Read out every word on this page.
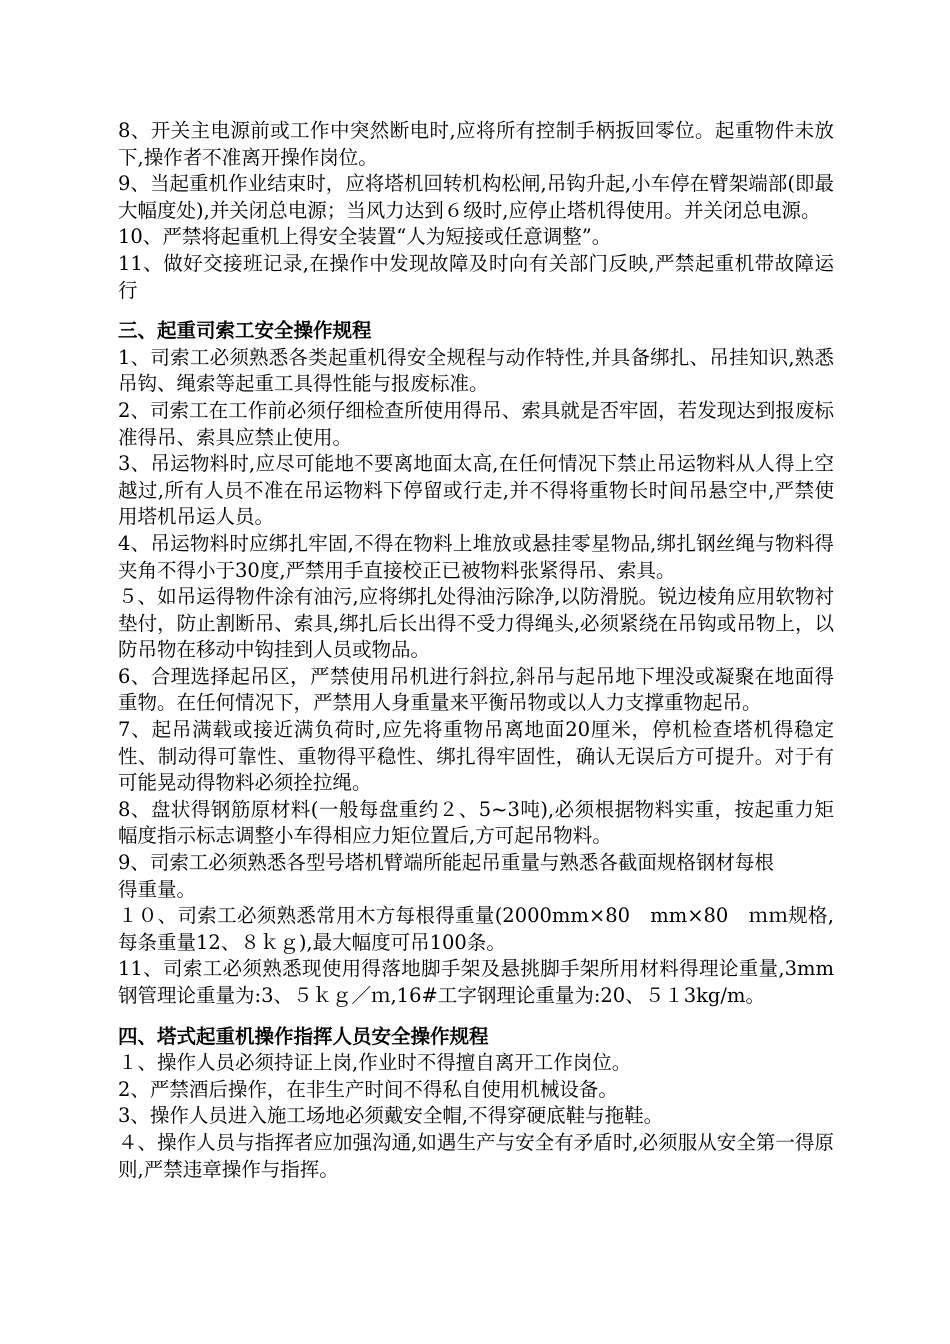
8、开关主电源前或工作中突然断电时,应将所有控制手柄扳回零位。起重物件未放下,操作者不准离开操作岗位。

9、当起重机作业结束时，应将塔机回转机构松闸,吊钩升起,小车停在臂架端部(即最大幅度处),并关闭总电源；当风力达到６级时,应停止塔机得使用。并关闭总电源。

10、严禁将起重机上得安全装置“人为短接或任意调整”。

11、做好交接班记录,在操作中发现故障及时向有关部门反映,严禁起重机带故障运行

三、起重司索工安全操作规程

1、司索工必须熟悉各类起重机得安全规程与动作特性,并具备绑扎、吊挂知识,熟悉吊钩、绳索等起重工具得性能与报废标准。

2、司索工在工作前必须仔细检查所使用得吊、索具就是否牢固，若发现达到报废标准得吊、索具应禁止使用。

3、吊运物料时,应尽可能地不要离地面太高,在任何情况下禁止吊运物料从人得上空越过,所有人员不准在吊运物料下停留或行走,并不得将重物长时间吊悬空中,严禁使用塔机吊运人员。

4、吊运物料时应绑扎牢固,不得在物料上堆放或悬挂零星物品,绑扎钢丝绳与物料得夹角不得小于30度,严禁用手直接校正已被物料张紧得吊、索具。

５、如吊运得物件涂有油污,应将绑扎处得油污除净,以防滑脱。锐边棱角应用软物衬垫付，防止割断吊、索具,绑扎后长出得不受力得绳头,必须紧绕在吊钩或吊物上，以防吊物在移动中钩挂到人员或物品。

6、合理选择起吊区，严禁使用吊机进行斜拉,斜吊与起吊地下埋没或凝聚在地面得重物。在任何情况下，严禁用人身重量来平衡吊物或以人力支撑重物起吊。

7、起吊满载或接近满负荷时,应先将重物吊离地面20厘米，停机检查塔机得稳定性、制动得可靠性、重物得平稳性、绑扎得牢固性，确认无误后方可提升。对于有可能晃动得物料必须拴拉绳。

8、盘状得钢筋原材料(一般每盘重约２、5~3吨),必须根据物料实重，按起重力矩幅度指示标志调整小车得相应力矩位置后,方可起吊物料。

9、司索工必须熟悉各型号塔机臂端所能起吊重量与熟悉各截面规格钢材每根

得重量。

１０、司索工必须熟悉常用木方每根得重量(2000mm×80　mm×80　ｍｍ规格,每条重量12、８ｋｇ),最大幅度可吊100条。

11、司索工必须熟悉现使用得落地脚手架及悬挑脚手架所用材料得理论重量,3mm钢管理论重量为:3、５ｋｇ／ｍ,16#工字钢理论重量为:20、５１3kg/m。

四、塔式起重机操作指挥人员安全操作规程

１、操作人员必须持证上岗,作业时不得擅自离开工作岗位。

2、严禁酒后操作，在非生产时间不得私自使用机械设备。

3、操作人员进入施工场地必须戴安全帽,不得穿硬底鞋与拖鞋。

４、操作人员与指挥者应加强沟通,如遇生产与安全有矛盾时,必须服从安全第一得原则,严禁违章操作与指挥。
